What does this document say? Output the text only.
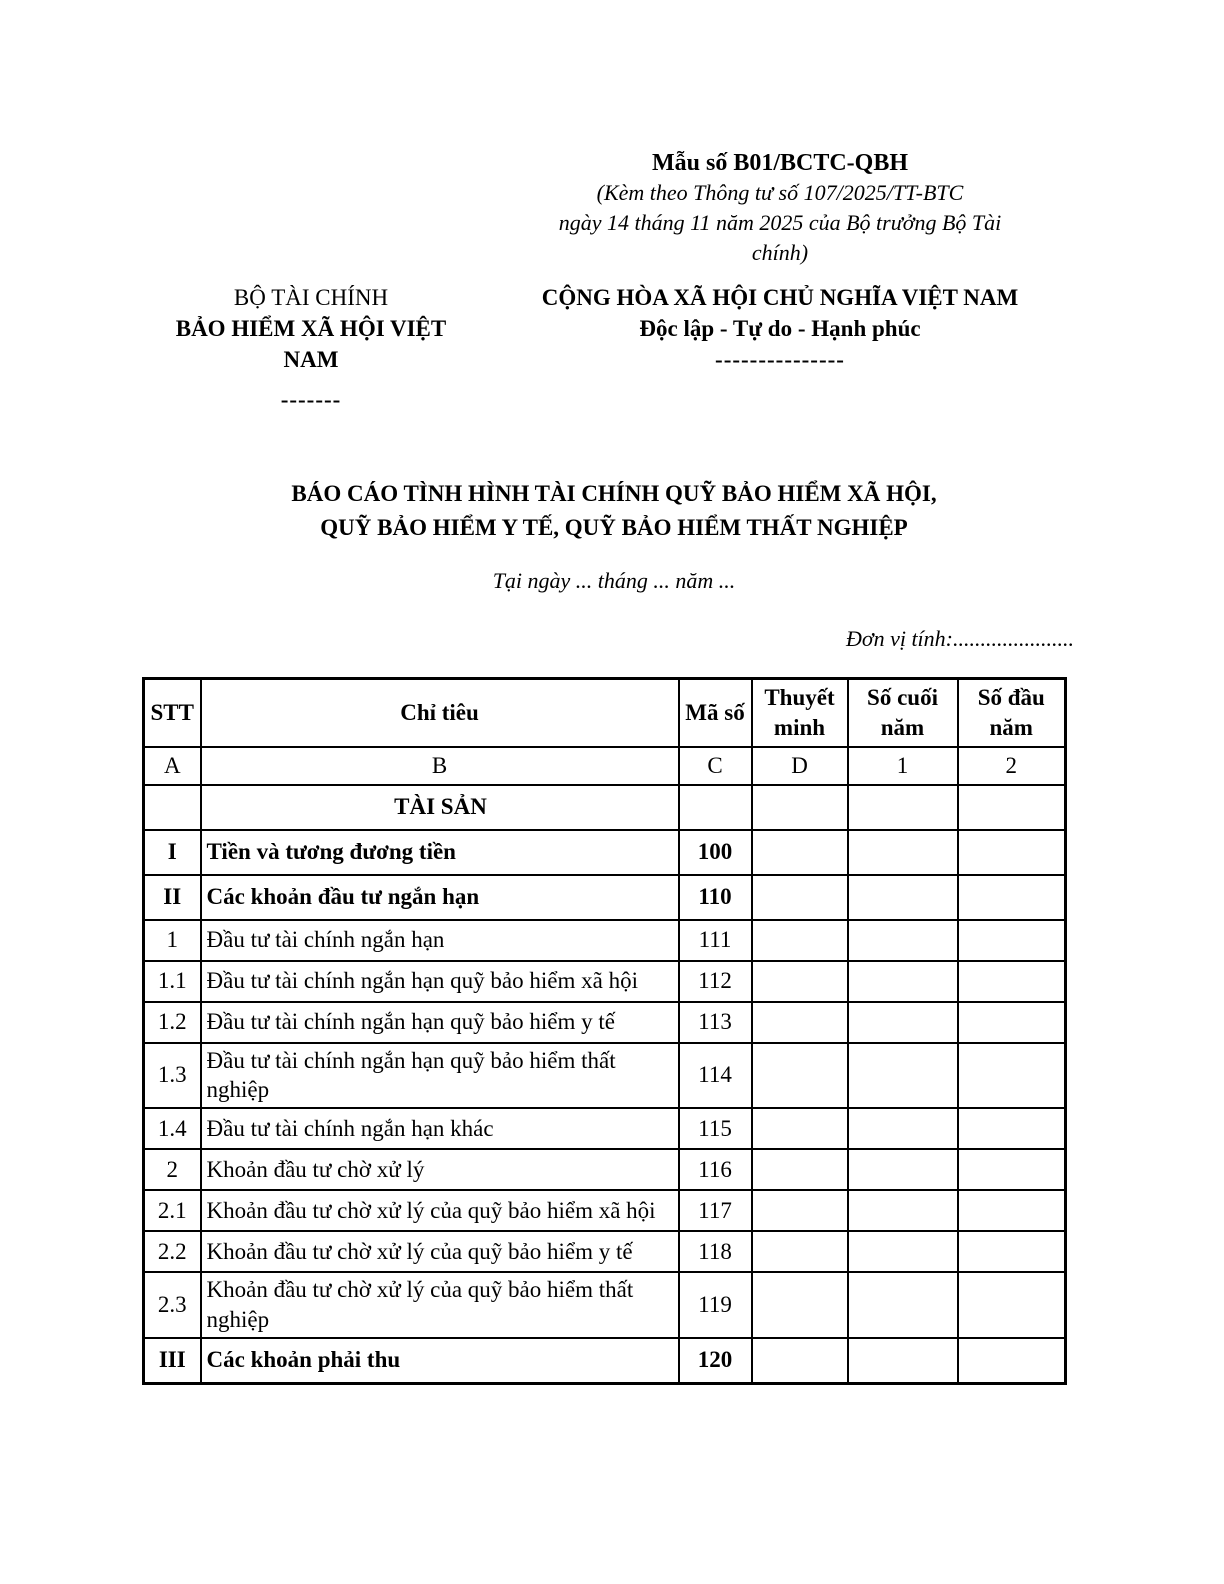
Mẫu số B01/BCTC-QBH
(Kèm theo Thông tư số 107/2025/TT-BTC
ngày 14 tháng 11 năm 2025 của Bộ trưởng Bộ Tài
chính)
BỘ TÀI CHÍNH
BẢO HIỂM XÃ HỘI VIỆT NAM
-------
CỘNG HÒA XÃ HỘI CHỦ NGHĨA VIỆT NAM
Độc lập - Tự do - Hạnh phúc
---------------
BÁO CÁO TÌNH HÌNH TÀI CHÍNH QUỸ BẢO HIỂM XÃ HỘI,
QUỸ BẢO HIỂM Y TẾ, QUỸ BẢO HIỂM THẤT NGHIỆP
Tại ngày ... tháng ... năm ...
Đơn vị tính:......................
STT	Chỉ tiêu	Mã số	Thuyết minh	Số cuối năm	Số đầu năm
A	B	C	D	1	2
	TÀI SẢN				
I	Tiền và tương đương tiền	100			
II	Các khoản đầu tư ngắn hạn	110			
1	Đầu tư tài chính ngắn hạn	111			
1.1	Đầu tư tài chính ngắn hạn quỹ bảo hiểm xã hội	112			
1.2	Đầu tư tài chính ngắn hạn quỹ bảo hiểm y tế	113			
1.3	Đầu tư tài chính ngắn hạn quỹ bảo hiểm thất nghiệp	114			
1.4	Đầu tư tài chính ngắn hạn khác	115			
2	Khoản đầu tư chờ xử lý	116			
2.1	Khoản đầu tư chờ xử lý của quỹ bảo hiểm xã hội	117			
2.2	Khoản đầu tư chờ xử lý của quỹ bảo hiểm y tế	118			
2.3	Khoản đầu tư chờ xử lý của quỹ bảo hiểm thất nghiệp	119			
III	Các khoản phải thu	120			
